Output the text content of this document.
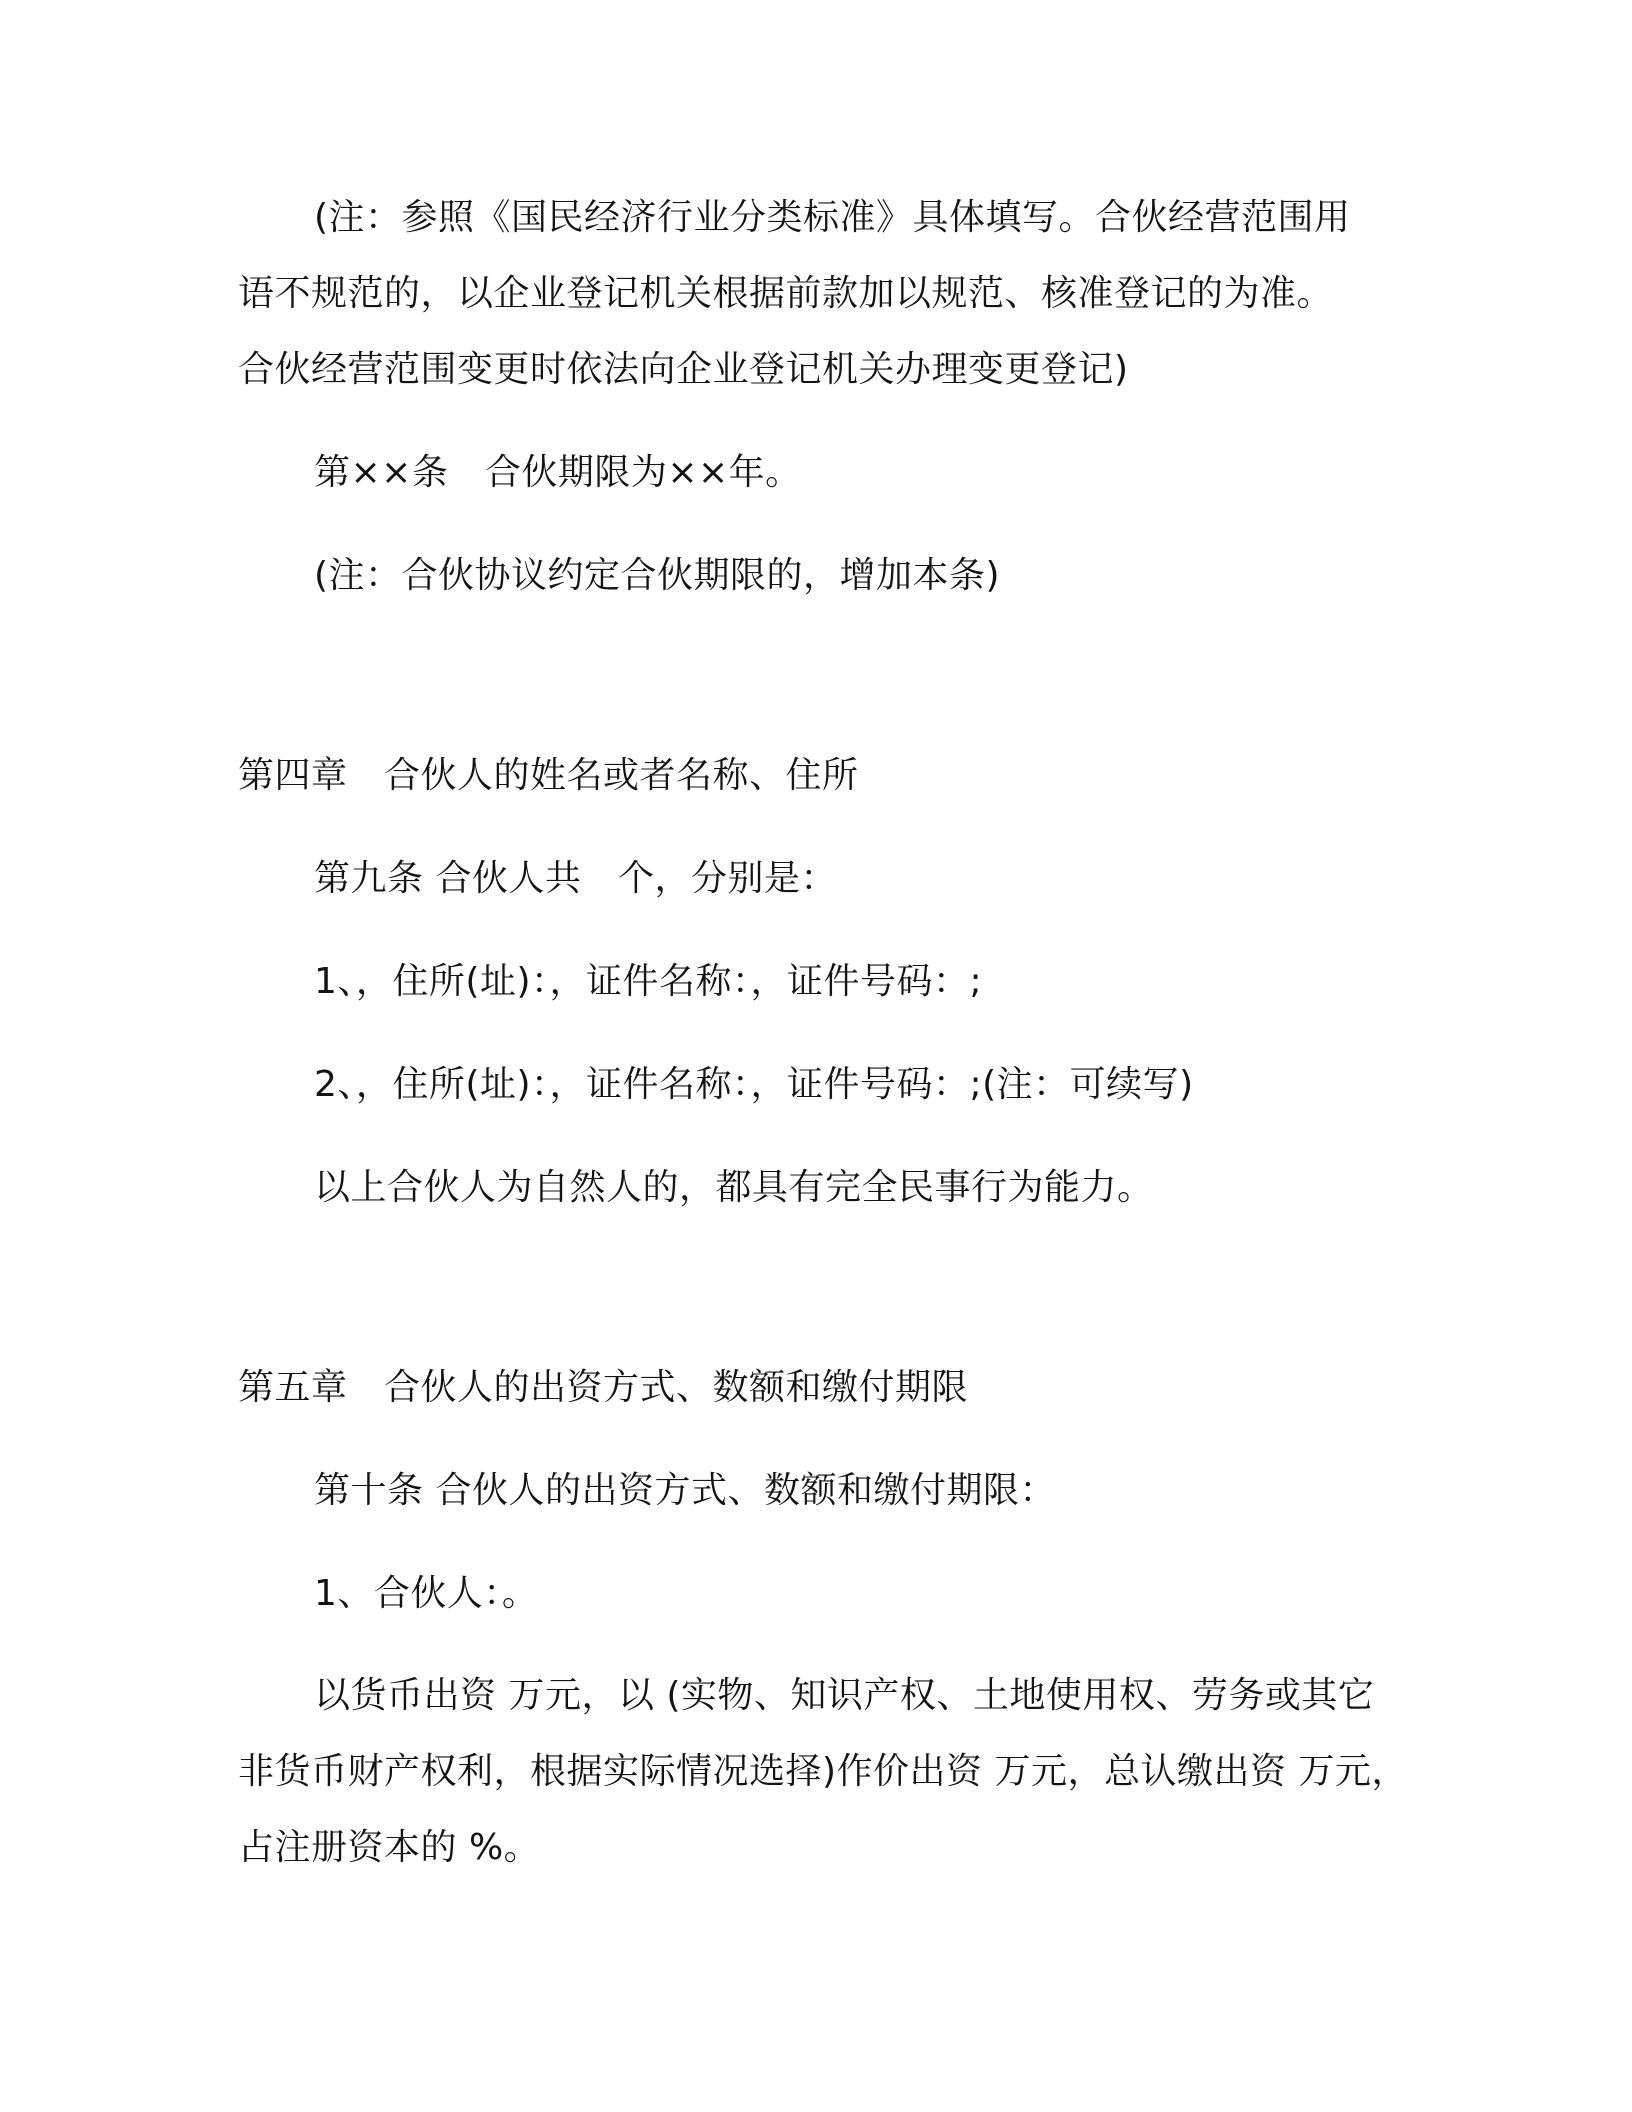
(注：参照《国民经济行业分类标准》具体填写。合伙经营范围用
语不规范的，以企业登记机关根据前款加以规范、核准登记的为准。
合伙经营范围变更时依法向企业登记机关办理变更登记)
第××条　合伙期限为××年。
(注：合伙协议约定合伙期限的，增加本条)
第四章　合伙人的姓名或者名称、住所
第九条 合伙人共　个，分别是：
1、，住所(址)：，证件名称：，证件号码：;
2、，住所(址)：，证件名称：，证件号码：;(注：可续写)
以上合伙人为自然人的，都具有完全民事行为能力。
第五章　合伙人的出资方式、数额和缴付期限
第十条 合伙人的出资方式、数额和缴付期限：
1、合伙人：。
以货币出资 万元，以 (实物、知识产权、土地使用权、劳务或其它
非货币财产权利，根据实际情况选择)作价出资 万元，总认缴出资 万元，
占注册资本的 %。
